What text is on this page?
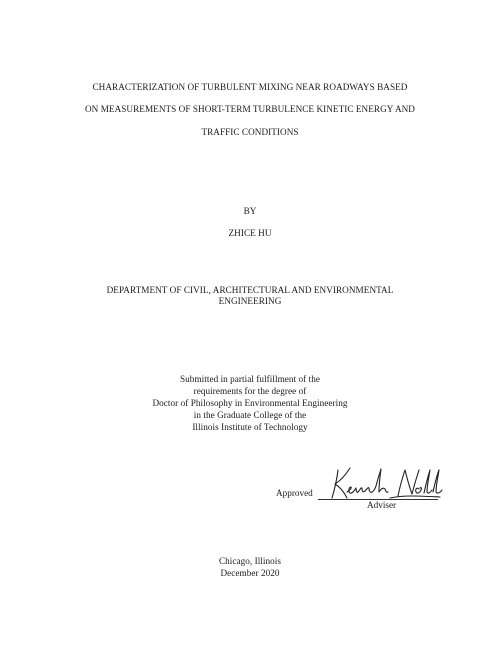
CHARACTERIZATION OF TURBULENT MIXING NEAR ROADWAYS BASED
ON MEASUREMENTS OF SHORT-TERM TURBULENCE KINETIC ENERGY AND
TRAFFIC CONDITIONS
BY
ZHICE HU
DEPARTMENT OF CIVIL, ARCHITECTURAL AND ENVIRONMENTAL
ENGINEERING
Submitted in partial fulfillment of the
requirements for the degree of
Doctor of Philosophy in Environmental Engineering
in the Graduate College of the
Illinois Institute of Technology
Approved
Kenneth Noll
Adviser
Chicago, Illinois
December 2020
